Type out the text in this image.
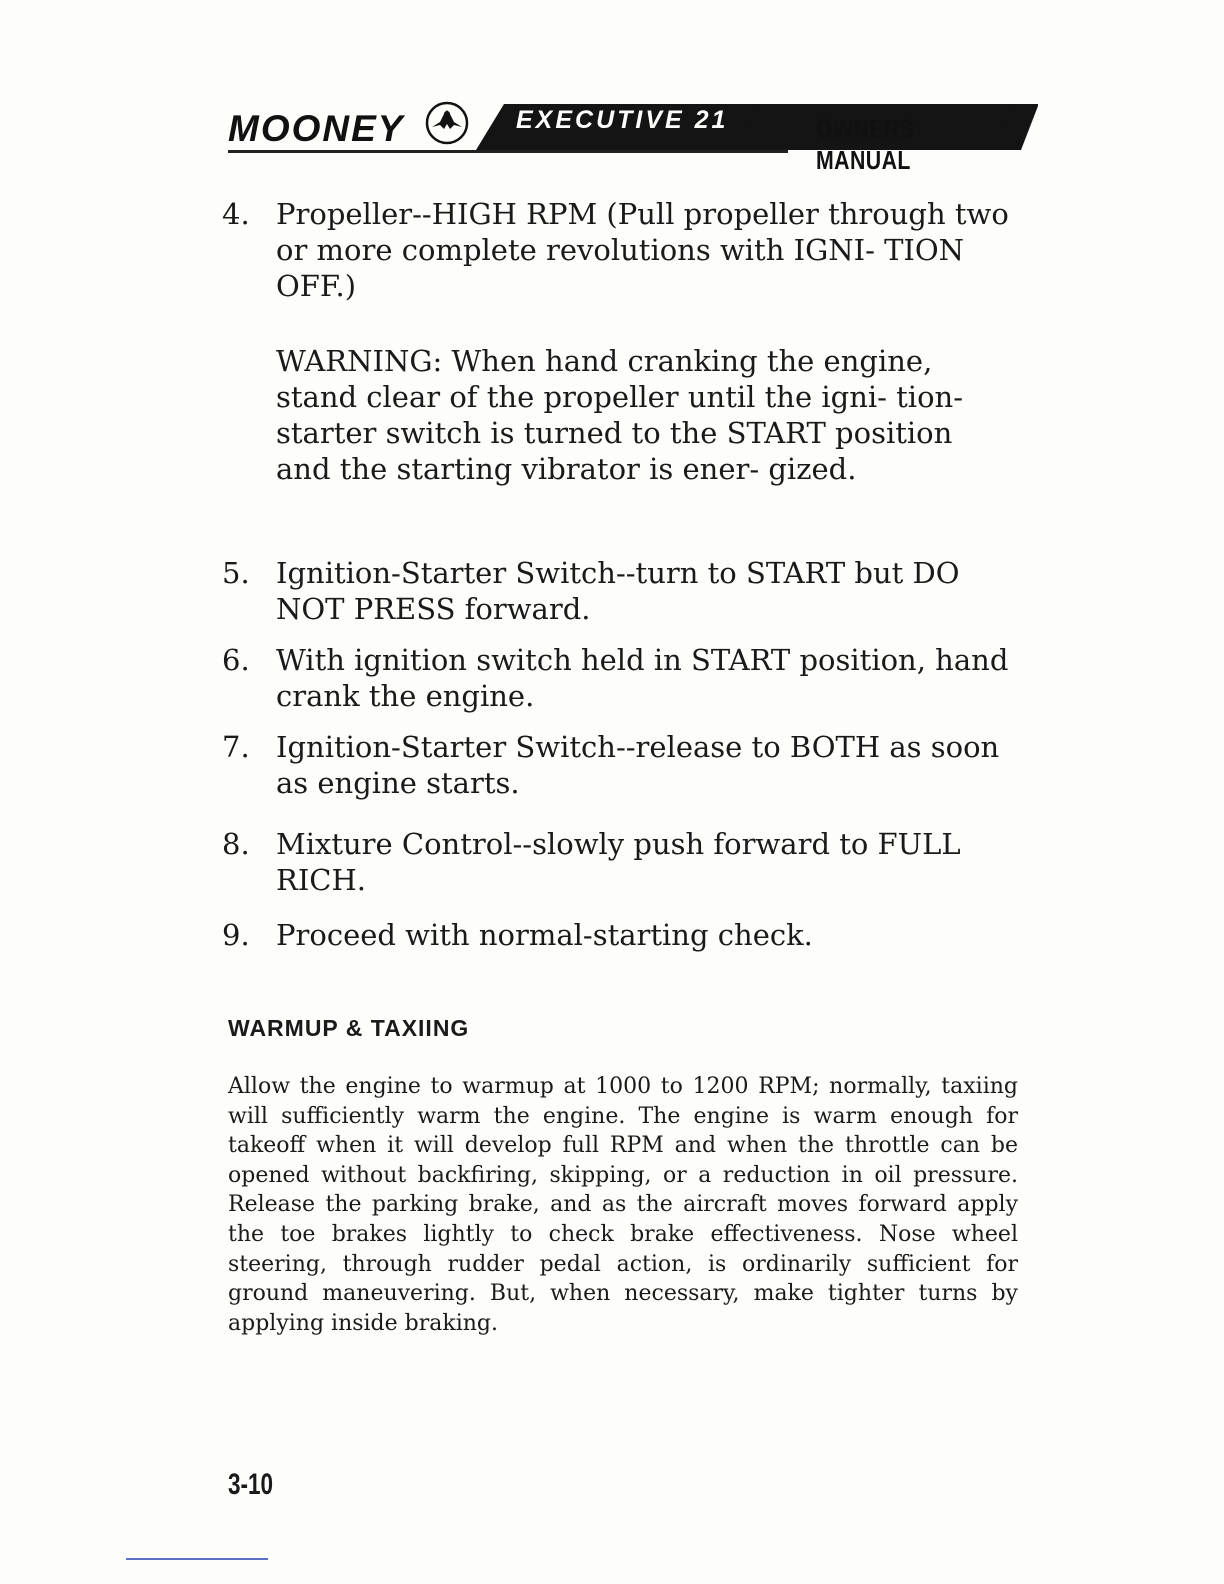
MOONEY	EXECUTIVE 21	OWNERS MANUAL
4. Propeller--HIGH RPM (Pull propeller through two or more complete revolutions with IGNI- TION OFF.)
WARNING: When hand cranking the engine, stand clear of the propeller until the igni- tion-starter switch is turned to the START position and the starting vibrator is ener- gized.
5. Ignition-Starter Switch--turn to START but DO NOT PRESS forward.
6. With ignition switch held in START position, hand crank the engine.
7. Ignition-Starter Switch--release to BOTH as soon as engine starts.
8. Mixture Control--slowly push forward to FULL RICH.
9. Proceed with normal-starting check.
WARMUP & TAXIING
Allow the engine to warmup at 1000 to 1200 RPM; normally, taxiing will sufficiently warm the engine. The engine is warm enough for takeoff when it will develop full RPM and when the throttle can be opened without backfiring, skipping, or a reduction in oil pressure. Release the parking brake, and as the aircraft moves forward apply the toe brakes lightly to check brake effectiveness. Nose wheel steering, through rudder pedal action, is ordinarily sufficient for ground maneuvering. But, when necessary, make tighter turns by applying inside braking.
3-10
